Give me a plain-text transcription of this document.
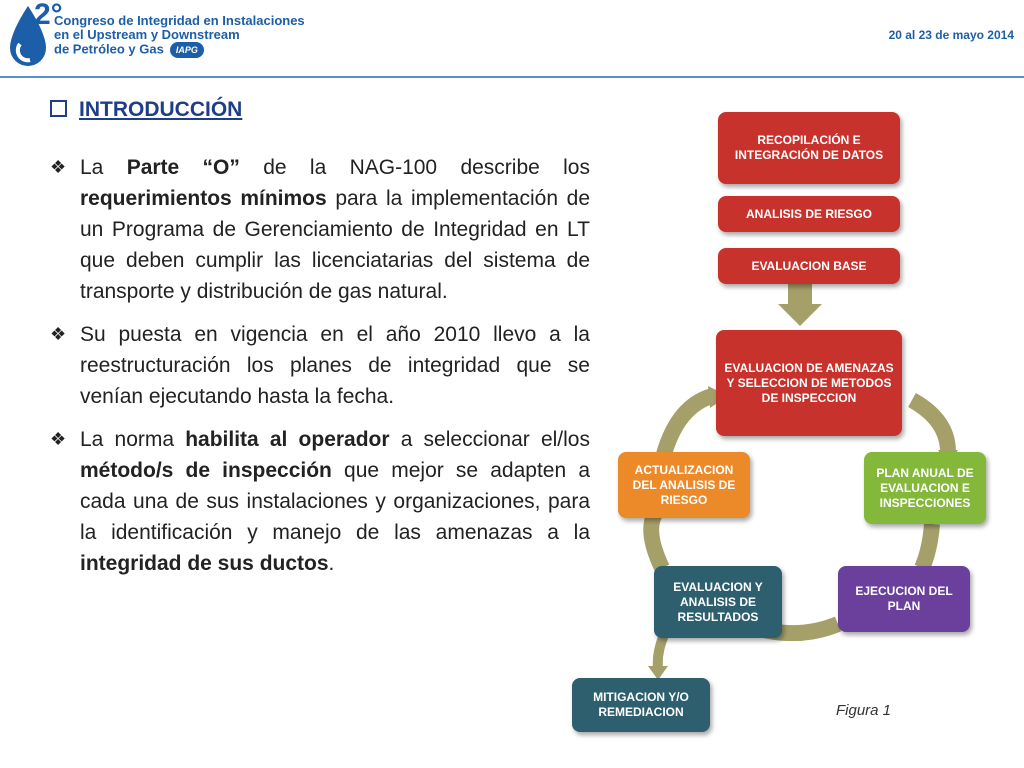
2°
Congreso de Integridad en Instalaciones
en el Upstream y Downstream
de Petróleo y Gas IAPG
20 al 23 de mayo 2014
INTRODUCCIÓN
❖ La Parte “O” de la NAG-100 describe los requerimientos mínimos para la implementación de un Programa de Gerenciamiento de Integridad en LT que deben cumplir las licenciatarias del sistema de transporte y distribución de gas natural.
❖ Su puesta en vigencia en el año 2010 llevo a la reestructuración los planes de integridad que se venían ejecutando hasta la fecha.
❖ La norma habilita al operador a seleccionar el/los método/s de inspección que mejor se adapten a cada una de sus instalaciones y organizaciones, para la identificación y manejo de las amenazas a la integridad de sus ductos.
RECOPILACIÓN E INTEGRACIÓN DE DATOS
ANALISIS DE RIESGO
EVALUACION BASE
EVALUACION DE AMENAZAS Y SELECCION DE METODOS DE INSPECCION
ACTUALIZACION DEL ANALISIS DE RIESGO
PLAN ANUAL DE EVALUACION E INSPECCIONES
EVALUACION Y ANALISIS DE RESULTADOS
EJECUCION DEL PLAN
MITIGACION Y/O REMEDIACION	Figura 1
